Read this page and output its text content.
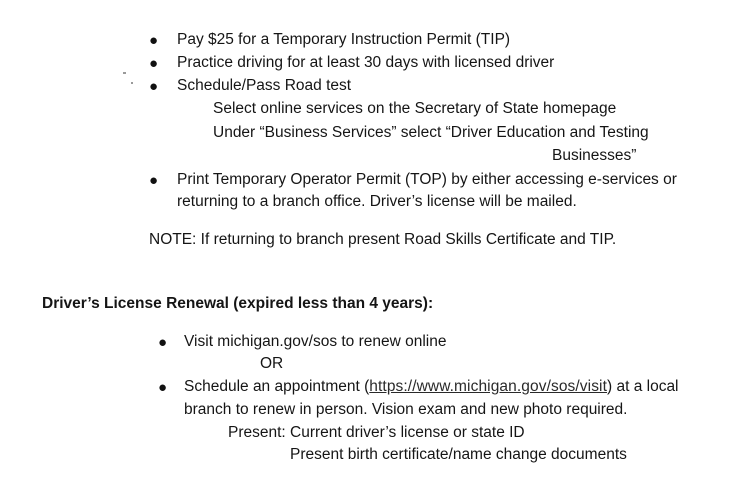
● Pay $25 for a Temporary Instruction Permit (TIP)
● Practice driving for at least 30 days with licensed driver
● Schedule/Pass Road test
Select online services on the Secretary of State homepage
Under “Business Services” select “Driver Education and Testing
Businesses”
● Print Temporary Operator Permit (TOP) by either accessing e-services or
returning to a branch office. Driver’s license will be mailed.
NOTE: If returning to branch present Road Skills Certificate and TIP.
Driver’s License Renewal (expired less than 4 years):
● Visit michigan.gov/sos to renew online
OR
● Schedule an appointment (https://www.michigan.gov/sos/visit) at a local
branch to renew in person. Vision exam and new photo required.
Present: Current driver’s license or state ID
Present birth certificate/name change documents
